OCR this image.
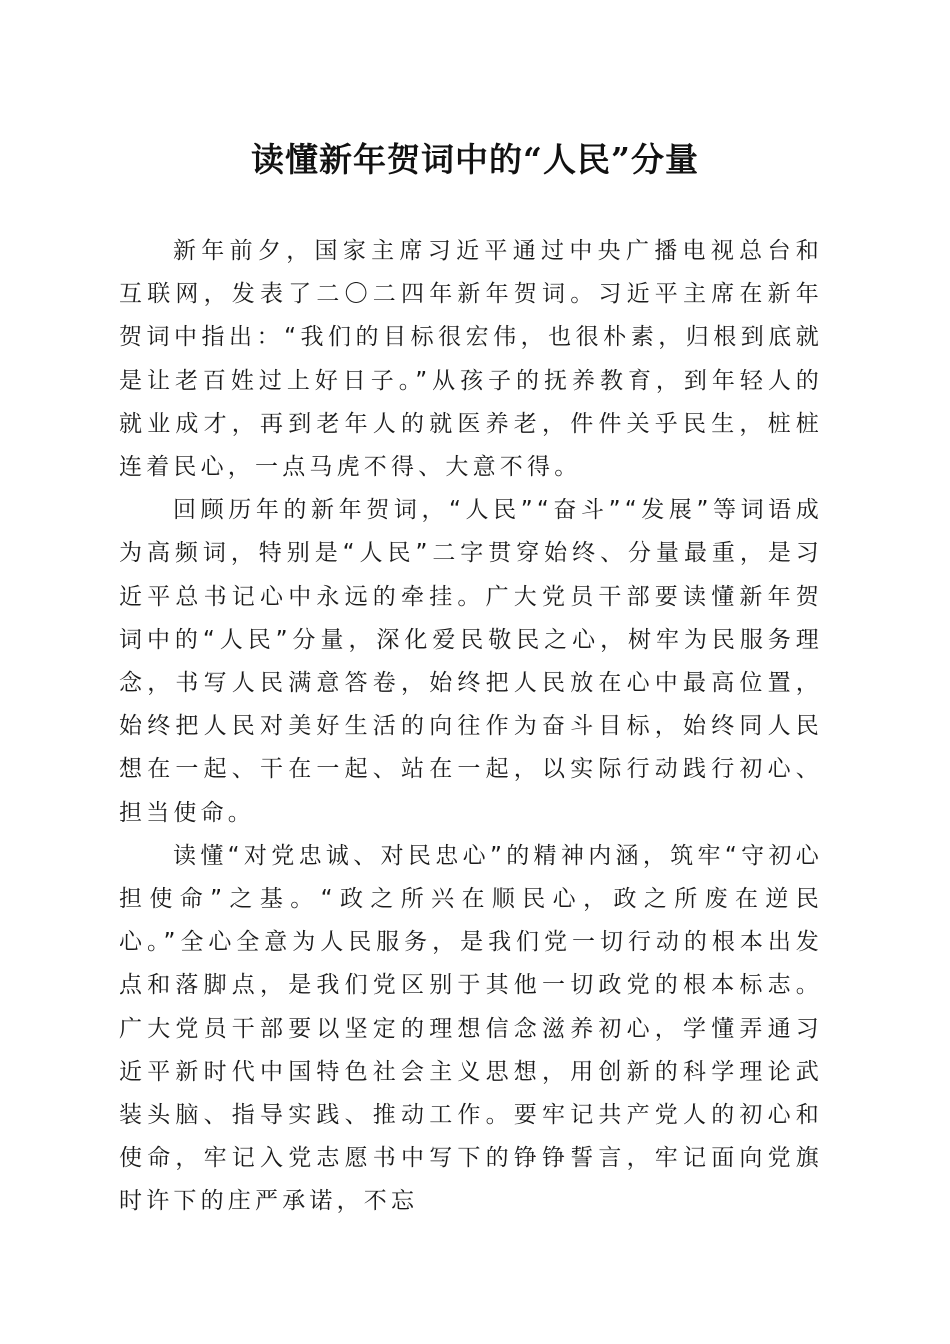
读懂新年贺词中的“人民”分量

新年前夕，国家主席习近平通过中央广播电视总台和互联网，发表了二〇二四年新年贺词。习近平主席在新年贺词中指出：“我们的目标很宏伟，也很朴素，归根到底就是让老百姓过上好日子。”从孩子的抚养教育，到年轻人的就业成才，再到老年人的就医养老，件件关乎民生，桩桩连着民心，一点马虎不得、大意不得。

回顾历年的新年贺词，“人民”“奋斗”“发展”等词语成为高频词，特别是“人民”二字贯穿始终、分量最重，是习近平总书记心中永远的牵挂。广大党员干部要读懂新年贺词中的“人民”分量，深化爱民敬民之心，树牢为民服务理念，书写人民满意答卷，始终把人民放在心中最高位置，始终把人民对美好生活的向往作为奋斗目标，始终同人民想在一起、干在一起、站在一起，以实际行动践行初心、担当使命。

读懂“对党忠诚、对民忠心”的精神内涵，筑牢“守初心担使命”之基。“政之所兴在顺民心，政之所废在逆民心。”全心全意为人民服务，是我们党一切行动的根本出发点和落脚点，是我们党区别于其他一切政党的根本标志。广大党员干部要以坚定的理想信念滋养初心，学懂弄通习近平新时代中国特色社会主义思想，用创新的科学理论武装头脑、指导实践、推动工作。要牢记共产党人的初心和使命，牢记入党志愿书中写下的铮铮誓言，牢记面向党旗时许下的庄严承诺，不忘
